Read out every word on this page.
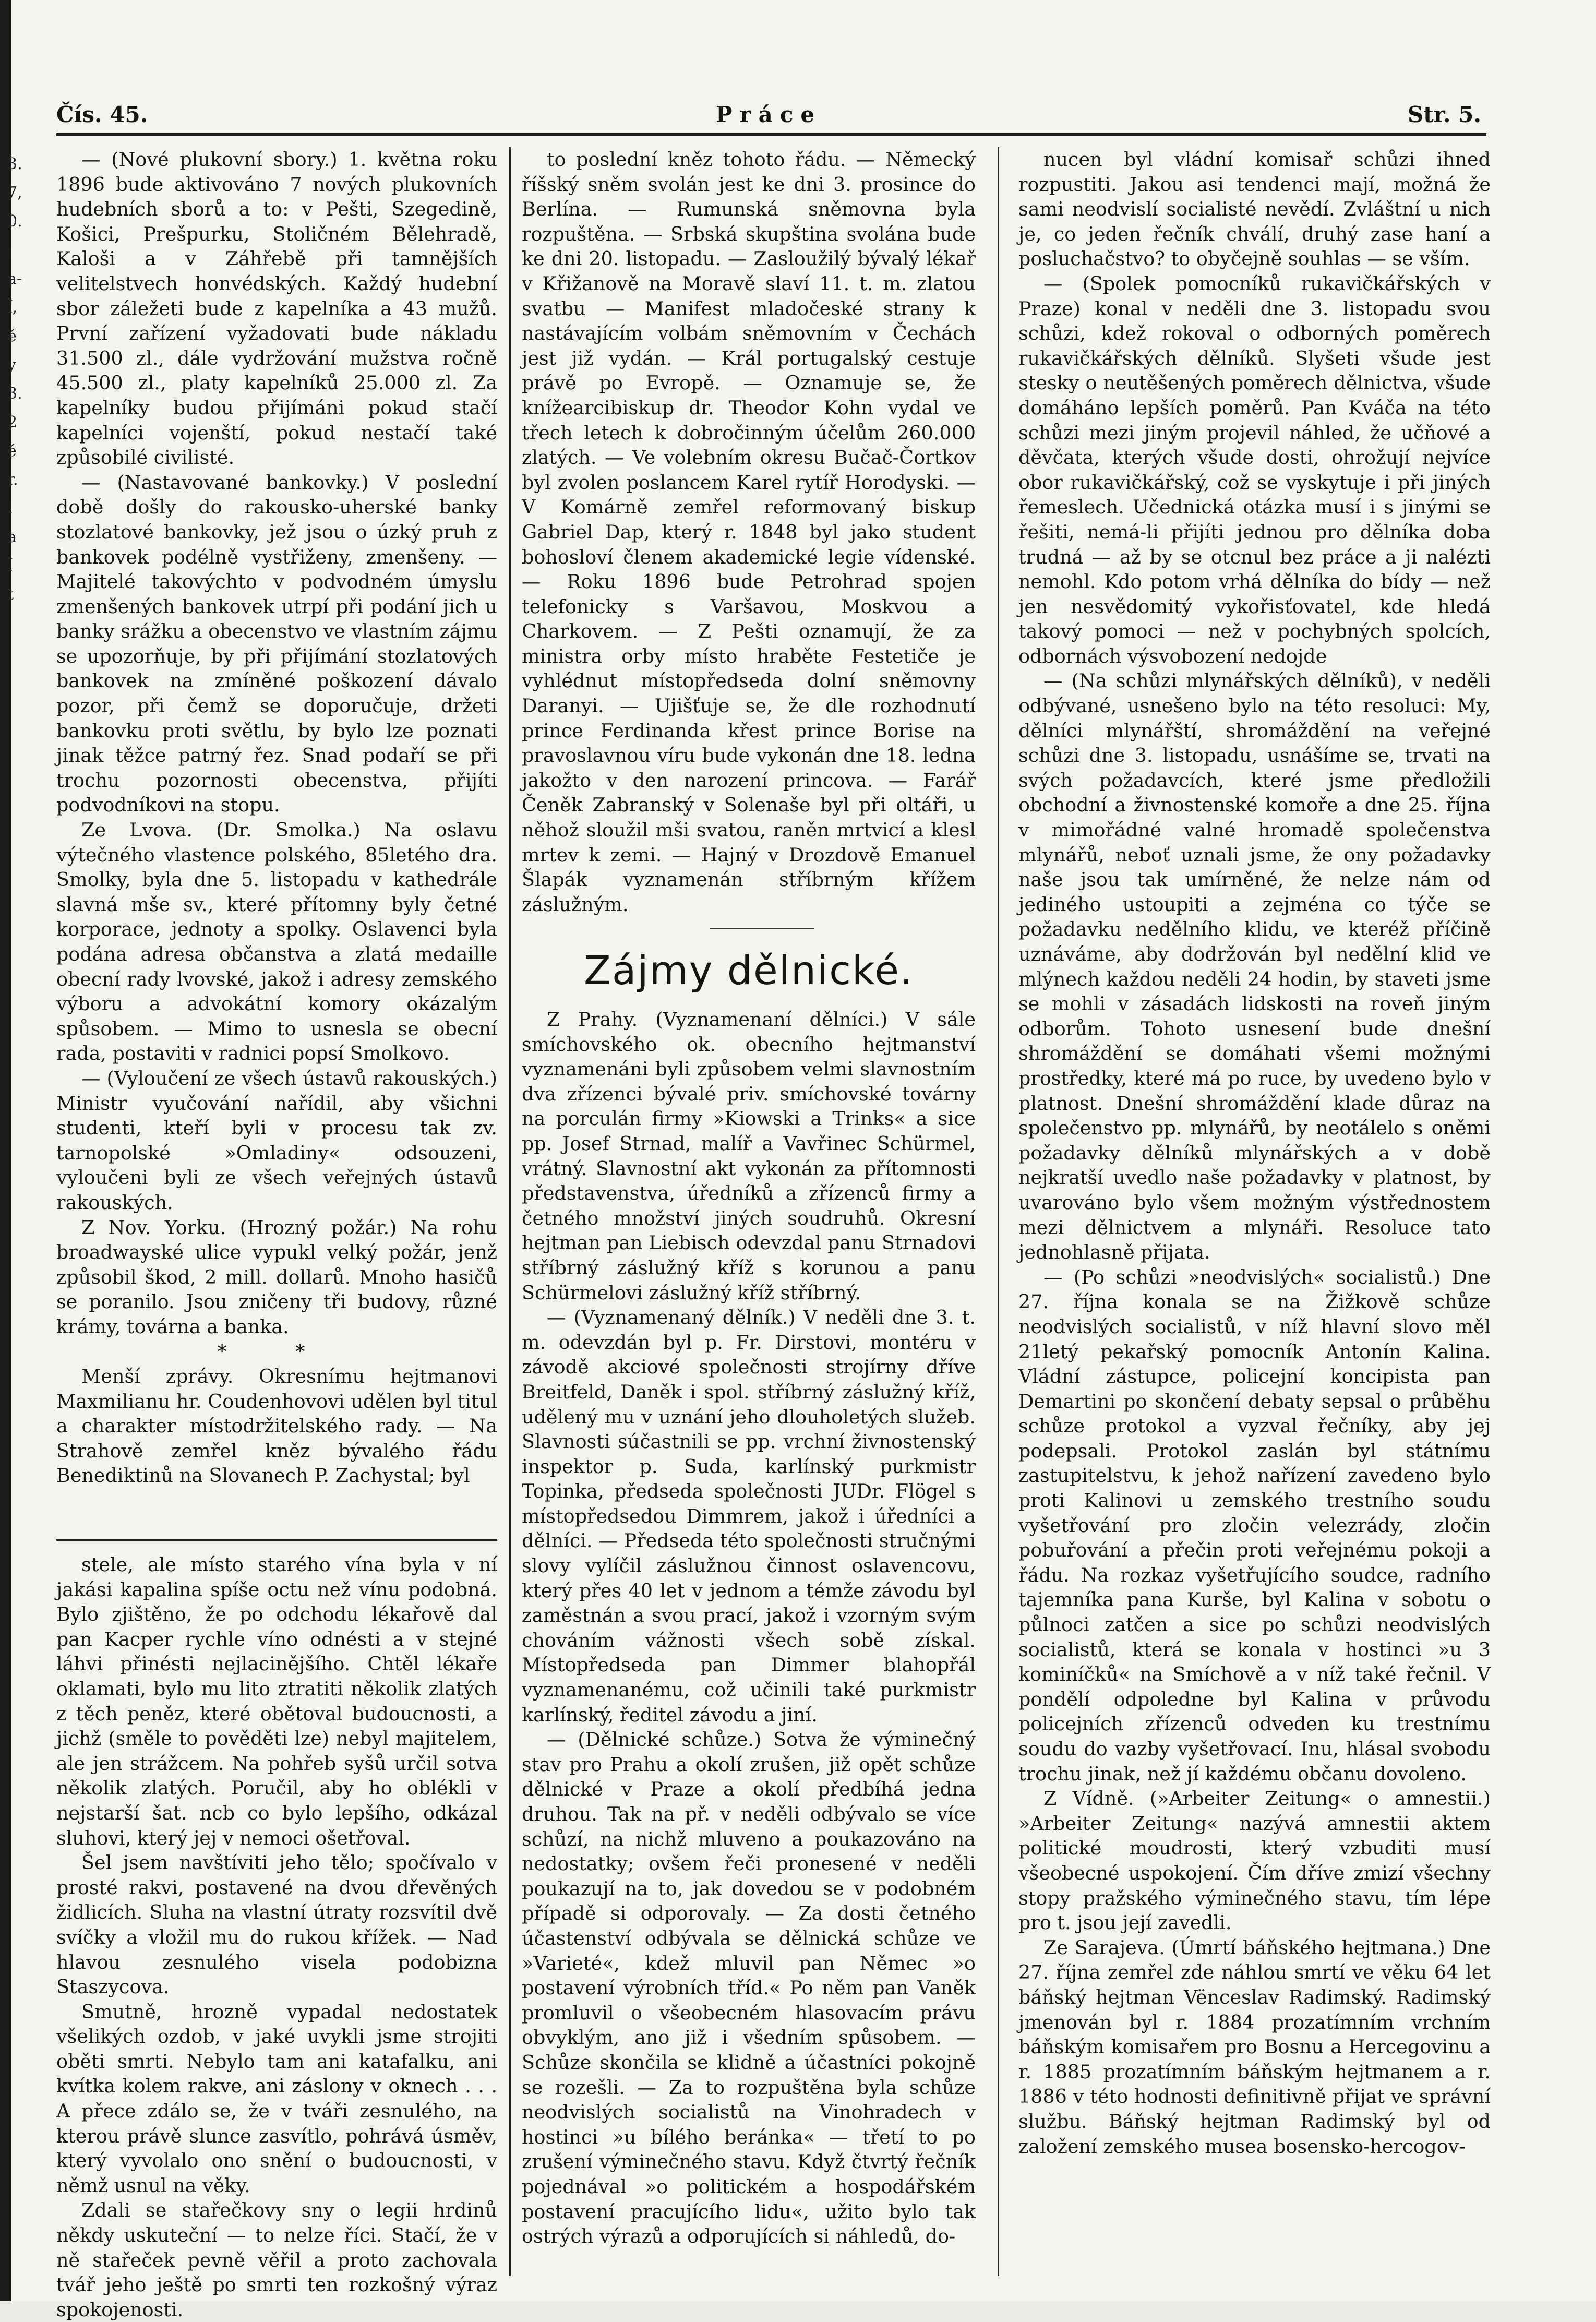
3.
7,
0.
:
a-
í,
é
y
3.
2
é
r.
l
a
í
t
Čís. 45.	Práce	Str. 5.

— (Nové plukovní sbory.) 1. května roku 1896 bude aktivováno 7 nových plukovních hudebních sborů a to: v Pešti, Szegedině, Košici, Prešpurku, Stoličném Bělehradě, Kaloši a v Záhřebě při tamnějších velitelstvech honvédských. Každý hudební sbor záležeti bude z kapelníka a 43 mužů. První zařízení vyžadovati bude nákladu 31.500 zl., dále vydržování mužstva ročně 45.500 zl., platy kapelníků 25.000 zl. Za kapelníky budou přijímáni pokud stačí kapelníci vojenští, pokud nestačí také způsobilé civilisté.

— (Nastavované bankovky.) V poslední době došly do rakousko-uherské banky stozlatové bankovky, jež jsou o úzký pruh z bankovek podélně vystřiženy, zmenšeny. — Majitelé takovýchto v podvodném úmyslu zmenšených bankovek utrpí při podání jich u banky srážku a obecenstvo ve vlastním zájmu se upozorňuje, by při přijímání stozlatových bankovek na zmíněné poškození dávalo pozor, při čemž se doporučuje, držeti bankovku proti světlu, by bylo lze poznati jinak těžce patrný řez. Snad podaří se při trochu pozornosti obecenstva, přijíti podvodníkovi na stopu.

Ze Lvova. (Dr. Smolka.) Na oslavu výtečného vlastence polského, 85letého dra. Smolky, byla dne 5. listopadu v kathedrále slavná mše sv., které přítomny byly četné korporace, jednoty a spolky. Oslavenci byla podána adresa občanstva a zlatá medaille obecní rady lvovské, jakož i adresy zemského výboru a advokátní komory okázalým spůsobem. — Mimo to usnesla se obecní rada, postaviti v radnici popsí Smolkovo.

— (Vyloučení ze všech ústavů rakouských.) Ministr vyučování nařídil, aby všichni studenti, kteří byli v procesu tak zv. tarnopolské »Omladiny« odsouzeni, vyloučeni byli ze všech veřejných ústavů rakouských.

Z Nov. Yorku. (Hrozný požár.) Na rohu broadwayské ulice vypukl velký požár, jenž způsobil škod, 2 mill. dollarů. Mnoho hasičů se poranilo. Jsou zničeny tři budovy, různé krámy, továrna a banka.

* *

Menší zprávy. Okresnímu hejtmanovi Maxmilianu hr. Coudenhovovi udělen byl titul a charakter místodržitelského rady. — Na Strahově zemřel kněz bývalého řádu Benediktinů na Slovanech P. Zachystal; byl

stele, ale místo starého vína byla v ní jakási kapalina spíše octu než vínu podobná. Bylo zjištěno, že po odchodu lékařově dal pan Kacper rychle víno odnésti a v stejné láhvi přinésti nejlacinějšího. Chtěl lékaře oklamati, bylo mu lito ztratiti několik zlatých z těch peněz, které obětoval budoucnosti, a jichž (směle to pověděti lze) nebyl majitelem, ale jen strážcem. Na pohřeb syšů určil sotva několik zlatých. Poručil, aby ho oblékli v nejstarší šat. ncb co bylo lepšího, odkázal sluhovi, který jej v nemoci ošetřoval.

Šel jsem navštíviti jeho tělo; spočívalo v prosté rakvi, postavené na dvou dřevěných židlicích. Sluha na vlastní útraty rozsvítil dvě svíčky a vložil mu do rukou křížek. — Nad hlavou zesnulého visela podobizna Staszycova.

Smutně, hrozně vypadal nedostatek všelikých ozdob, v jaké uvykli jsme strojiti oběti smrti. Nebylo tam ani katafalku, ani kvítka kolem rakve, ani záslony v oknech . . . A přece zdálo se, že v tváři zesnulého, na kterou právě slunce zasvítlo, pohrává úsměv, který vyvolalo ono snění o budoucnosti, v němž usnul na věky.

Zdali se stařečkovy sny o legii hrdinů někdy uskuteční — to nelze říci. Stačí, že v ně stařeček pevně věřil a proto zachovala tvář jeho ještě po smrti ten rozkošný výraz spokojenosti.

to poslední kněz tohoto řádu. — Německý říšský sněm svolán jest ke dni 3. prosince do Berlína. — Rumunská sněmovna byla rozpuštěna. — Srbská skupština svolána bude ke dni 20. listopadu. — Zasloužilý bývalý lékař v Křižanově na Moravě slaví 11. t. m. zlatou svatbu — Manifest mladočeské strany k nastávajícím volbám sněmovním v Čechách jest již vydán. — Král portugalský cestuje právě po Evropě. — Oznamuje se, že knížearcibiskup dr. Theodor Kohn vydal ve třech letech k dobročinným účelům 260.000 zlatých. — Ve volebním okresu Bučač-Čortkov byl zvolen poslancem Karel rytíř Horodyski. — V Komárně zemřel reformovaný biskup Gabriel Dap, který r. 1848 byl jako student bohosloví členem akademické legie vídenské. — Roku 1896 bude Petrohrad spojen telefonicky s Varšavou, Moskvou a Charkovem. — Z Pešti oznamují, že za ministra orby místo hraběte Festetiče je vyhlédnut místopředseda dolní sněmovny Daranyi. — Ujišťuje se, že dle rozhodnutí prince Ferdinanda křest prince Borise na pravoslavnou víru bude vykonán dne 18. ledna jakožto v den narození princova. — Farář Čeněk Zabranský v Solenaše byl při oltáři, u něhož sloužil mši svatou, raněn mrtvicí a klesl mrtev k zemi. — Hajný v Drozdově Emanuel Šlapák vyznamenán stříbrným křížem záslužným.

Zájmy dělnické.

Z Prahy. (Vyznamenaní dělníci.) V sále smíchovského ok. obecního hejtmanství vyznamenáni byli způsobem velmi slavnostním dva zřízenci bývalé priv. smíchovské továrny na porculán firmy »Kiowski a Trinks« a sice pp. Josef Strnad, malíř a Vavřinec Schürmel, vrátný. Slavnostní akt vykonán za přítomnosti představenstva, úředníků a zřízenců firmy a četného množství jiných soudruhů. Okresní hejtman pan Liebisch odevzdal panu Strnadovi stříbrný záslužný kříž s korunou a panu Schürmelovi záslužný kříž stříbrný.

— (Vyznamenaný dělník.) V neděli dne 3. t. m. odevzdán byl p. Fr. Dirstovi, montéru v závodě akciové společnosti strojírny dříve Breitfeld, Daněk i spol. stříbrný záslužný kříž, udělený mu v uznání jeho dlouholetých služeb. Slavnosti súčastnili se pp. vrchní živnostenský inspektor p. Suda, karlínský purkmistr Topinka, předseda společnosti JUDr. Flögel s místopředsedou Dimmrem, jakož i úředníci a dělníci. — Předseda této společnosti stručnými slovy vylíčil záslužnou činnost oslavencovu, který přes 40 let v jednom a témže závodu byl zaměstnán a svou prací, jakož i vzorným svým chováním vážnosti všech sobě získal. Místopředseda pan Dimmer blahopřál vyznamenanému, což učinili také purkmistr karlínský, ředitel závodu a jiní.

— (Dělnické schůze.) Sotva že výminečný stav pro Prahu a okolí zrušen, již opět schůze dělnické v Praze a okolí předbíhá jedna druhou. Tak na př. v neděli odbývalo se více schůzí, na nichž mluveno a poukazováno na nedostatky; ovšem řeči pronesené v neděli poukazují na to, jak dovedou se v podobném případě si odporovaly. — Za dosti četného účastenství odbývala se dělnická schůze ve »Varieté«, kdež mluvil pan Němec »o postavení výrobních tříd.« Po něm pan Vaněk promluvil o všeobecném hlasovacím právu obvyklým, ano již i všedním spůsobem. — Schůze skončila se klidně a účastníci pokojně se rozešli. — Za to rozpuštěna byla schůze neodvislých socialistů na Vinohradech v hostinci »u bílého beránka« — třetí to po zrušení výminečného stavu. Když čtvrtý řečník pojednával »o politickém a hospodářském postavení pracujícího lidu«, užito bylo tak ostrých výrazů a odporujících si náhledů, do-

nucen byl vládní komisař schůzi ihned rozpustiti. Jakou asi tendenci mají, možná že sami neodvislí socialisté nevědí. Zvláštní u nich je, co jeden řečník chválí, druhý zase haní a posluchačstvo? to obyčejně souhlas — se vším.

— (Spolek pomocníků rukavičkářských v Praze) konal v neděli dne 3. listopadu svou schůzi, kdež rokoval o odborných poměrech rukavičkářských dělníků. Slyšeti všude jest stesky o neutěšených poměrech dělnictva, všude domáháno lepších poměrů. Pan Kváča na této schůzi mezi jiným projevil náhled, že učňové a děvčata, kterých všude dosti, ohrožují nejvíce obor rukavičkářský, což se vyskytuje i při jiných řemeslech. Učednická otázka musí i s jinými se řešiti, nemá-li přijíti jednou pro dělníka doba trudná — až by se otcnul bez práce a ji nalézti nemohl. Kdo potom vrhá dělníka do bídy — než jen nesvědomitý vykořisťovatel, kde hledá takový pomoci — než v pochybných spolcích, odbornách výsvobození nedojde

— (Na schůzi mlynářských dělníků), v neděli odbývané, usnešeno bylo na této resoluci: My, dělníci mlynářští, shromáždění na veřejné schůzi dne 3. listopadu, usnášíme se, trvati na svých požadavcích, které jsme předložili obchodní a živnostenské komoře a dne 25. října v mimořádné valné hromadě společenstva mlynářů, neboť uznali jsme, že ony požadavky naše jsou tak umírněné, že nelze nám od jediného ustoupiti a zejména co týče se požadavku nedělního klidu, ve kteréž příčině uznáváme, aby dodržován byl nedělní klid ve mlýnech každou neděli 24 hodin, by staveti jsme se mohli v zásadách lidskosti na roveň jiným odborům. Tohoto usnesení bude dnešní shromáždění se domáhati všemi možnými prostředky, které má po ruce, by uvedeno bylo v platnost. Dnešní shromáždění klade důraz na společenstvo pp. mlynářů, by neotálelo s oněmi požadavky dělníků mlynářských a v době nejkratší uvedlo naše požadavky v platnost, by uvarováno bylo všem možným výstřednostem mezi dělnictvem a mlynáři. Resoluce tato jednohlasně přijata.

— (Po schůzi »neodvislých« socialistů.) Dne 27. října konala se na Žižkově schůze neodvislých socialistů, v níž hlavní slovo měl 21letý pekařský pomocník Antonín Kalina. Vládní zástupce, policejní koncipista pan Demartini po skončení debaty sepsal o průběhu schůze protokol a vyzval řečníky, aby jej podepsali. Protokol zaslán byl státnímu zastupitelstvu, k jehož nařízení zavedeno bylo proti Kalinovi u zemského trestního soudu vyšetřování pro zločin velezrády, zločin pobuřování a přečin proti veřejnému pokoji a řádu. Na rozkaz vyšetřujícího soudce, radního tajemníka pana Kurše, byl Kalina v sobotu o půlnoci zatčen a sice po schůzi neodvislých socialistů, která se konala v hostinci »u 3 kominíčků« na Smíchově a v níž také řečnil. V pondělí odpoledne byl Kalina v průvodu policejních zřízenců odveden ku trestnímu soudu do vazby vyšetřovací. Inu, hlásal svobodu trochu jinak, než jí každému občanu dovoleno.

Z Vídně. (»Arbeiter Zeitung« o amnestii.) »Arbeiter Zeitung« nazývá amnestii aktem politické moudrosti, který vzbuditi musí všeobecné uspokojení. Čím dříve zmizí všechny stopy pražského výminečného stavu, tím lépe pro t. jsou její zavedli.

Ze Sarajeva. (Úmrtí báňského hejtmana.) Dne 27. října zemřel zde náhlou smrtí ve věku 64 let báňský hejtman Vënceslav Radimský. Radimský jmenován byl r. 1884 prozatímním vrchním báňským komisařem pro Bosnu a Hercegovinu a r. 1885 prozatímním báňským hejtmanem a r. 1886 v této hodnosti definitivně přijat ve správní službu. Báňský hejtman Radimský byl od založení zemského musea bosensko-hercogov-
